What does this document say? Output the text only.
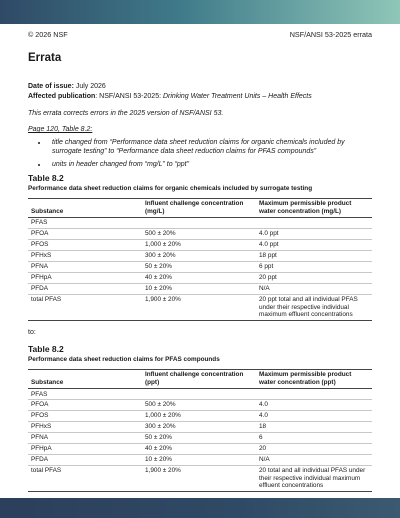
© 2026 NSF	NSF/ANSI 53-2025 errata
Errata
Date of issue: July 2026
Affected publication: NSF/ANSI 53-2025: Drinking Water Treatment Units – Health Effects
This errata corrects errors in the 2025 version of NSF/ANSI 53.
Page 120, Table 8.2:
• title changed from “Performance data sheet reduction claims for organic chemicals included by surrogate testing” to “Performance data sheet reduction claims for PFAS compounds”
• units in header changed from “mg/L” to “ppt”
Table 8.2
Performance data sheet reduction claims for organic chemicals included by surrogate testing
Substance	Influent challenge concentration (mg/L)	Maximum permissible product water concentration (mg/L)
PFAS		
PFOA	500 ± 20%	4.0 ppt
PFOS	1,000 ± 20%	4.0 ppt
PFHxS	300 ± 20%	18 ppt
PFNA	50 ± 20%	6 ppt
PFHpA	40 ± 20%	20 ppt
PFDA	10 ± 20%	N/A
total PFAS	1,900 ± 20%	20 ppt total and all individual PFAS under their respective individual maximum effluent concentrations
to:
Table 8.2
Performance data sheet reduction claims for PFAS compounds
Substance	Influent challenge concentration (ppt)	Maximum permissible product water concentration (ppt)
PFAS		
PFOA	500 ± 20%	4.0
PFOS	1,000 ± 20%	4.0
PFHxS	300 ± 20%	18
PFNA	50 ± 20%	6
PFHpA	40 ± 20%	20
PFDA	10 ± 20%	N/A
total PFAS	1,900 ± 20%	20 total and all individual PFAS under their respective individual maximum effluent concentrations
